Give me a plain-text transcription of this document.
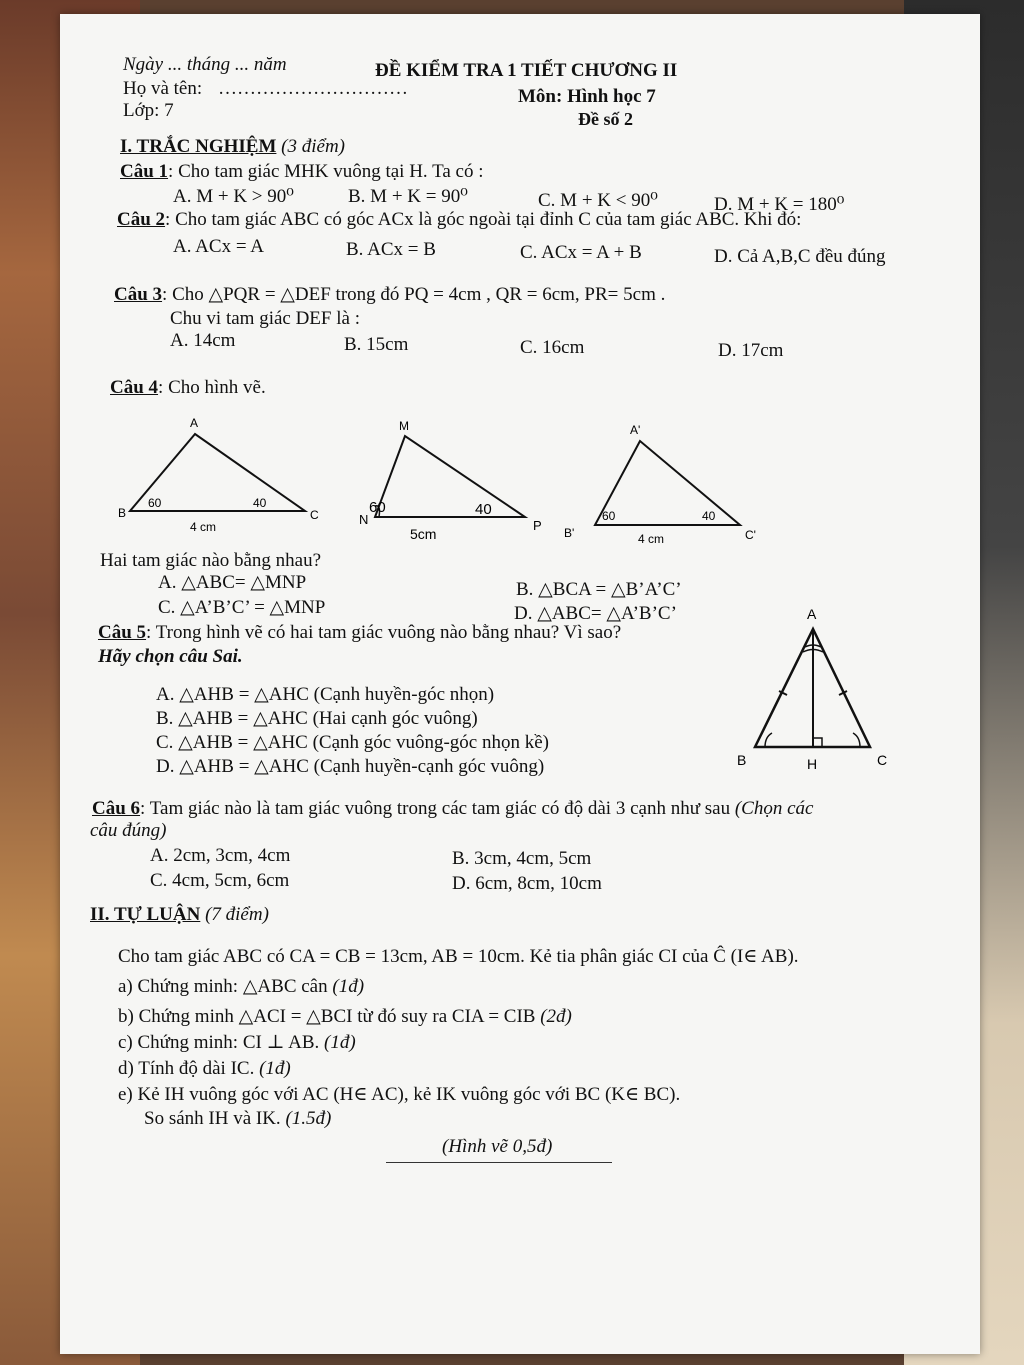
Ngày ... tháng ... năm
Họ và tên: …………………………
Lớp: 7
ĐỀ KIỂM TRA 1 TIẾT CHƯƠNG II
Môn: Hình học 7
Đề số 2
I. TRẮC NGHIỆM (3 điểm)
Câu 1: Cho tam giác MHK vuông tại H. Ta có :
A. M + K > 90⁰	B. M + K = 90⁰	C. M + K < 90⁰	D. M + K = 180⁰
Câu 2: Cho tam giác ABC có góc ACx là góc ngoài tại đỉnh C của tam giác ABC. Khi đó:
A. ACx = A	B. ACx = B	C. ACx = A + B	D. Cả A,B,C đều đúng
Câu 3: Cho △PQR = △DEF trong đó PQ = 4cm , QR = 6cm, PR= 5cm .
Chu vi tam giác DEF là :
A. 14cm	B. 15cm	C. 16cm	D. 17cm
Câu 4: Cho hình vẽ.
A
B	C
60	40
4 cm
M
N	P
60	40
5cm
A'
B'	C'
60	40
4 cm
Hai tam giác nào bằng nhau?
A. △ABC= △MNP	B. △BCA = △B’A’C’
C. △A’B’C’ = △MNP	D. △ABC= △A’B’C’
Câu 5: Trong hình vẽ có hai tam giác vuông nào bằng nhau? Vì sao?
Hãy chọn câu Sai.
A. △AHB = △AHC (Cạnh huyền-góc nhọn)
B. △AHB = △AHC (Hai cạnh góc vuông)
C. △AHB = △AHC (Cạnh góc vuông-góc nhọn kề)
D. △AHB = △AHC (Cạnh huyền-cạnh góc vuông)
A
B	H	C
Câu 6: Tam giác nào là tam giác vuông trong các tam giác có độ dài 3 cạnh như sau (Chọn các
câu đúng)
A. 2cm, 3cm, 4cm	B. 3cm, 4cm, 5cm
C. 4cm, 5cm, 6cm	D. 6cm, 8cm, 10cm
II. TỰ LUẬN (7 điểm)
Cho tam giác ABC có CA = CB = 13cm, AB = 10cm. Kẻ tia phân giác CI của Ĉ (I∈ AB).
a) Chứng minh: △ABC cân (1đ)
b) Chứng minh △ACI = △BCI từ đó suy ra CIA = CIB (2đ)
c) Chứng minh: CI ⊥ AB. (1đ)
d) Tính độ dài IC. (1đ)
e) Kẻ IH vuông góc với AC (H∈ AC), kẻ IK vuông góc với BC (K∈ BC).
So sánh IH và IK. (1.5đ)
(Hình vẽ 0,5đ)
